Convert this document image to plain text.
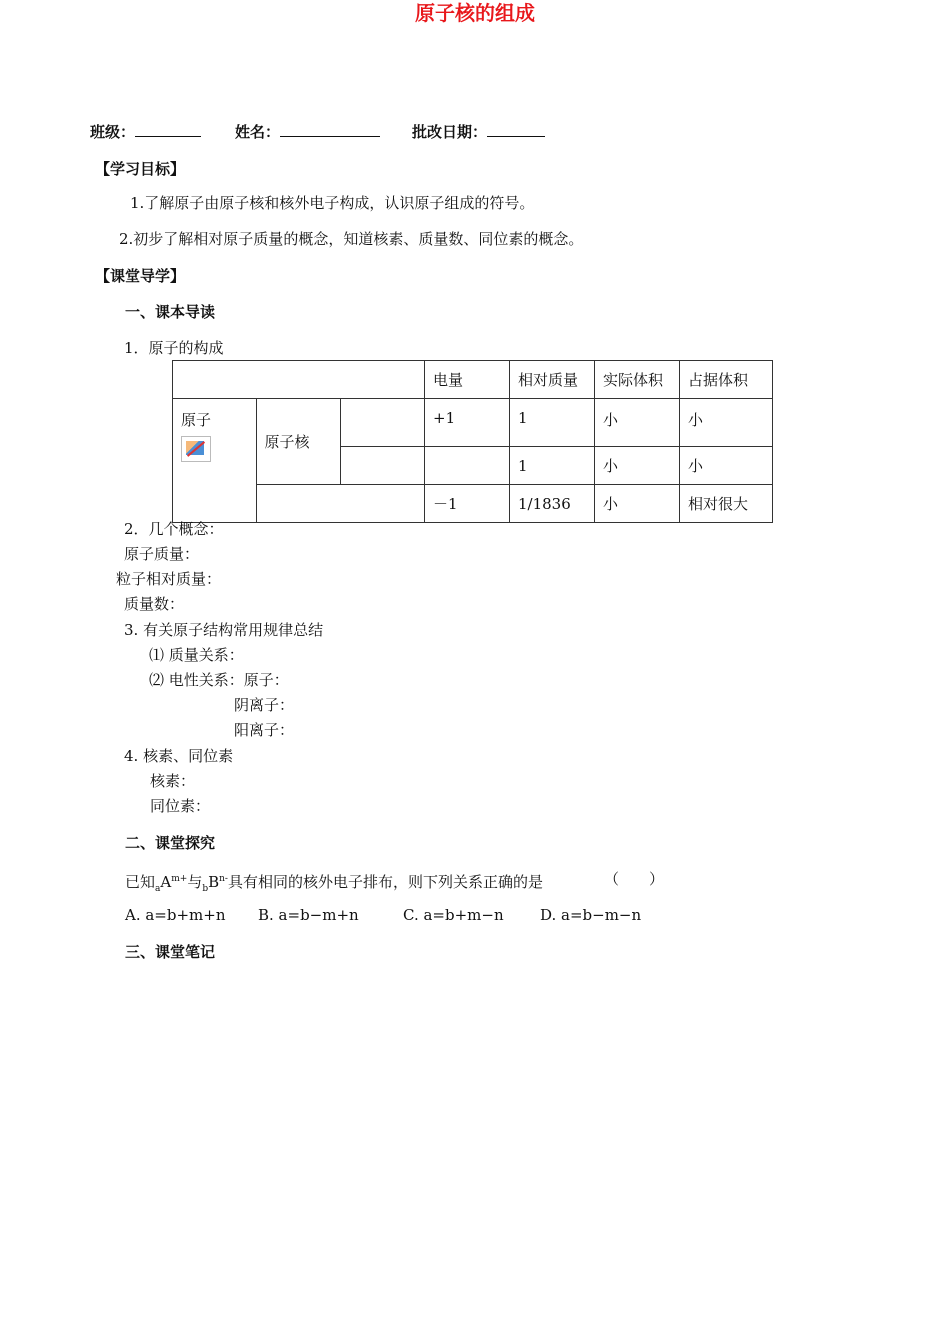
原子核的组成
班级：	姓名：	批改日期：
【学习目标】
1.了解原子由原子核和核外电子构成，认识原子组成的符号。
2.初步了解相对原子质量的概念，知道核素、质量数、同位素的概念。
【课堂导学】
一、课本导读
1．原子的构成
			电量	相对质量	实际体积	占据体积

原子	原子核		+1	1	小	小
				1	小	小
			－1	1/1836	小	相对很大
2．几个概念：
原子质量：
粒子相对质量：
质量数：
3. 有关原子结构常用规律总结
⑴ 质量关系：
⑵ 电性关系：原子：
阴离子：
阳离子：
4. 核素、同位素
核素：
同位素：
二、课堂探究
已知$_aA^{m+}$与$_bB^{n-}$具有相同的核外电子排布，则下列关系正确的是	（　　）
A. a=b+m+n B. a=b−m+n	C. a=b+m−n D. a=b−m−n
三、课堂笔记
